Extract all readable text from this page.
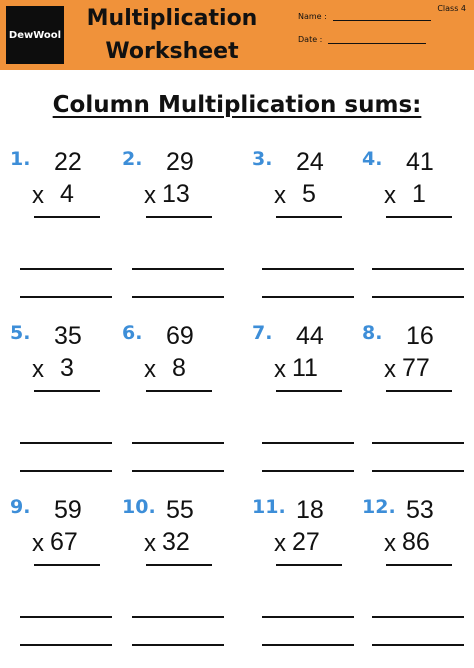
DewWool
Multiplication
Worksheet
Class 4
Name :
Date :
Column Multiplication sums:
1. 22
x 4
2. 29
x 13
3. 24
x 5
4. 41
x 1
5. 35
x 3
6. 69
x 8
7. 44
x 11
8. 16
x 77
9. 59
x 67
10. 55
x 32
11. 18
x 27
12. 53
x 86
